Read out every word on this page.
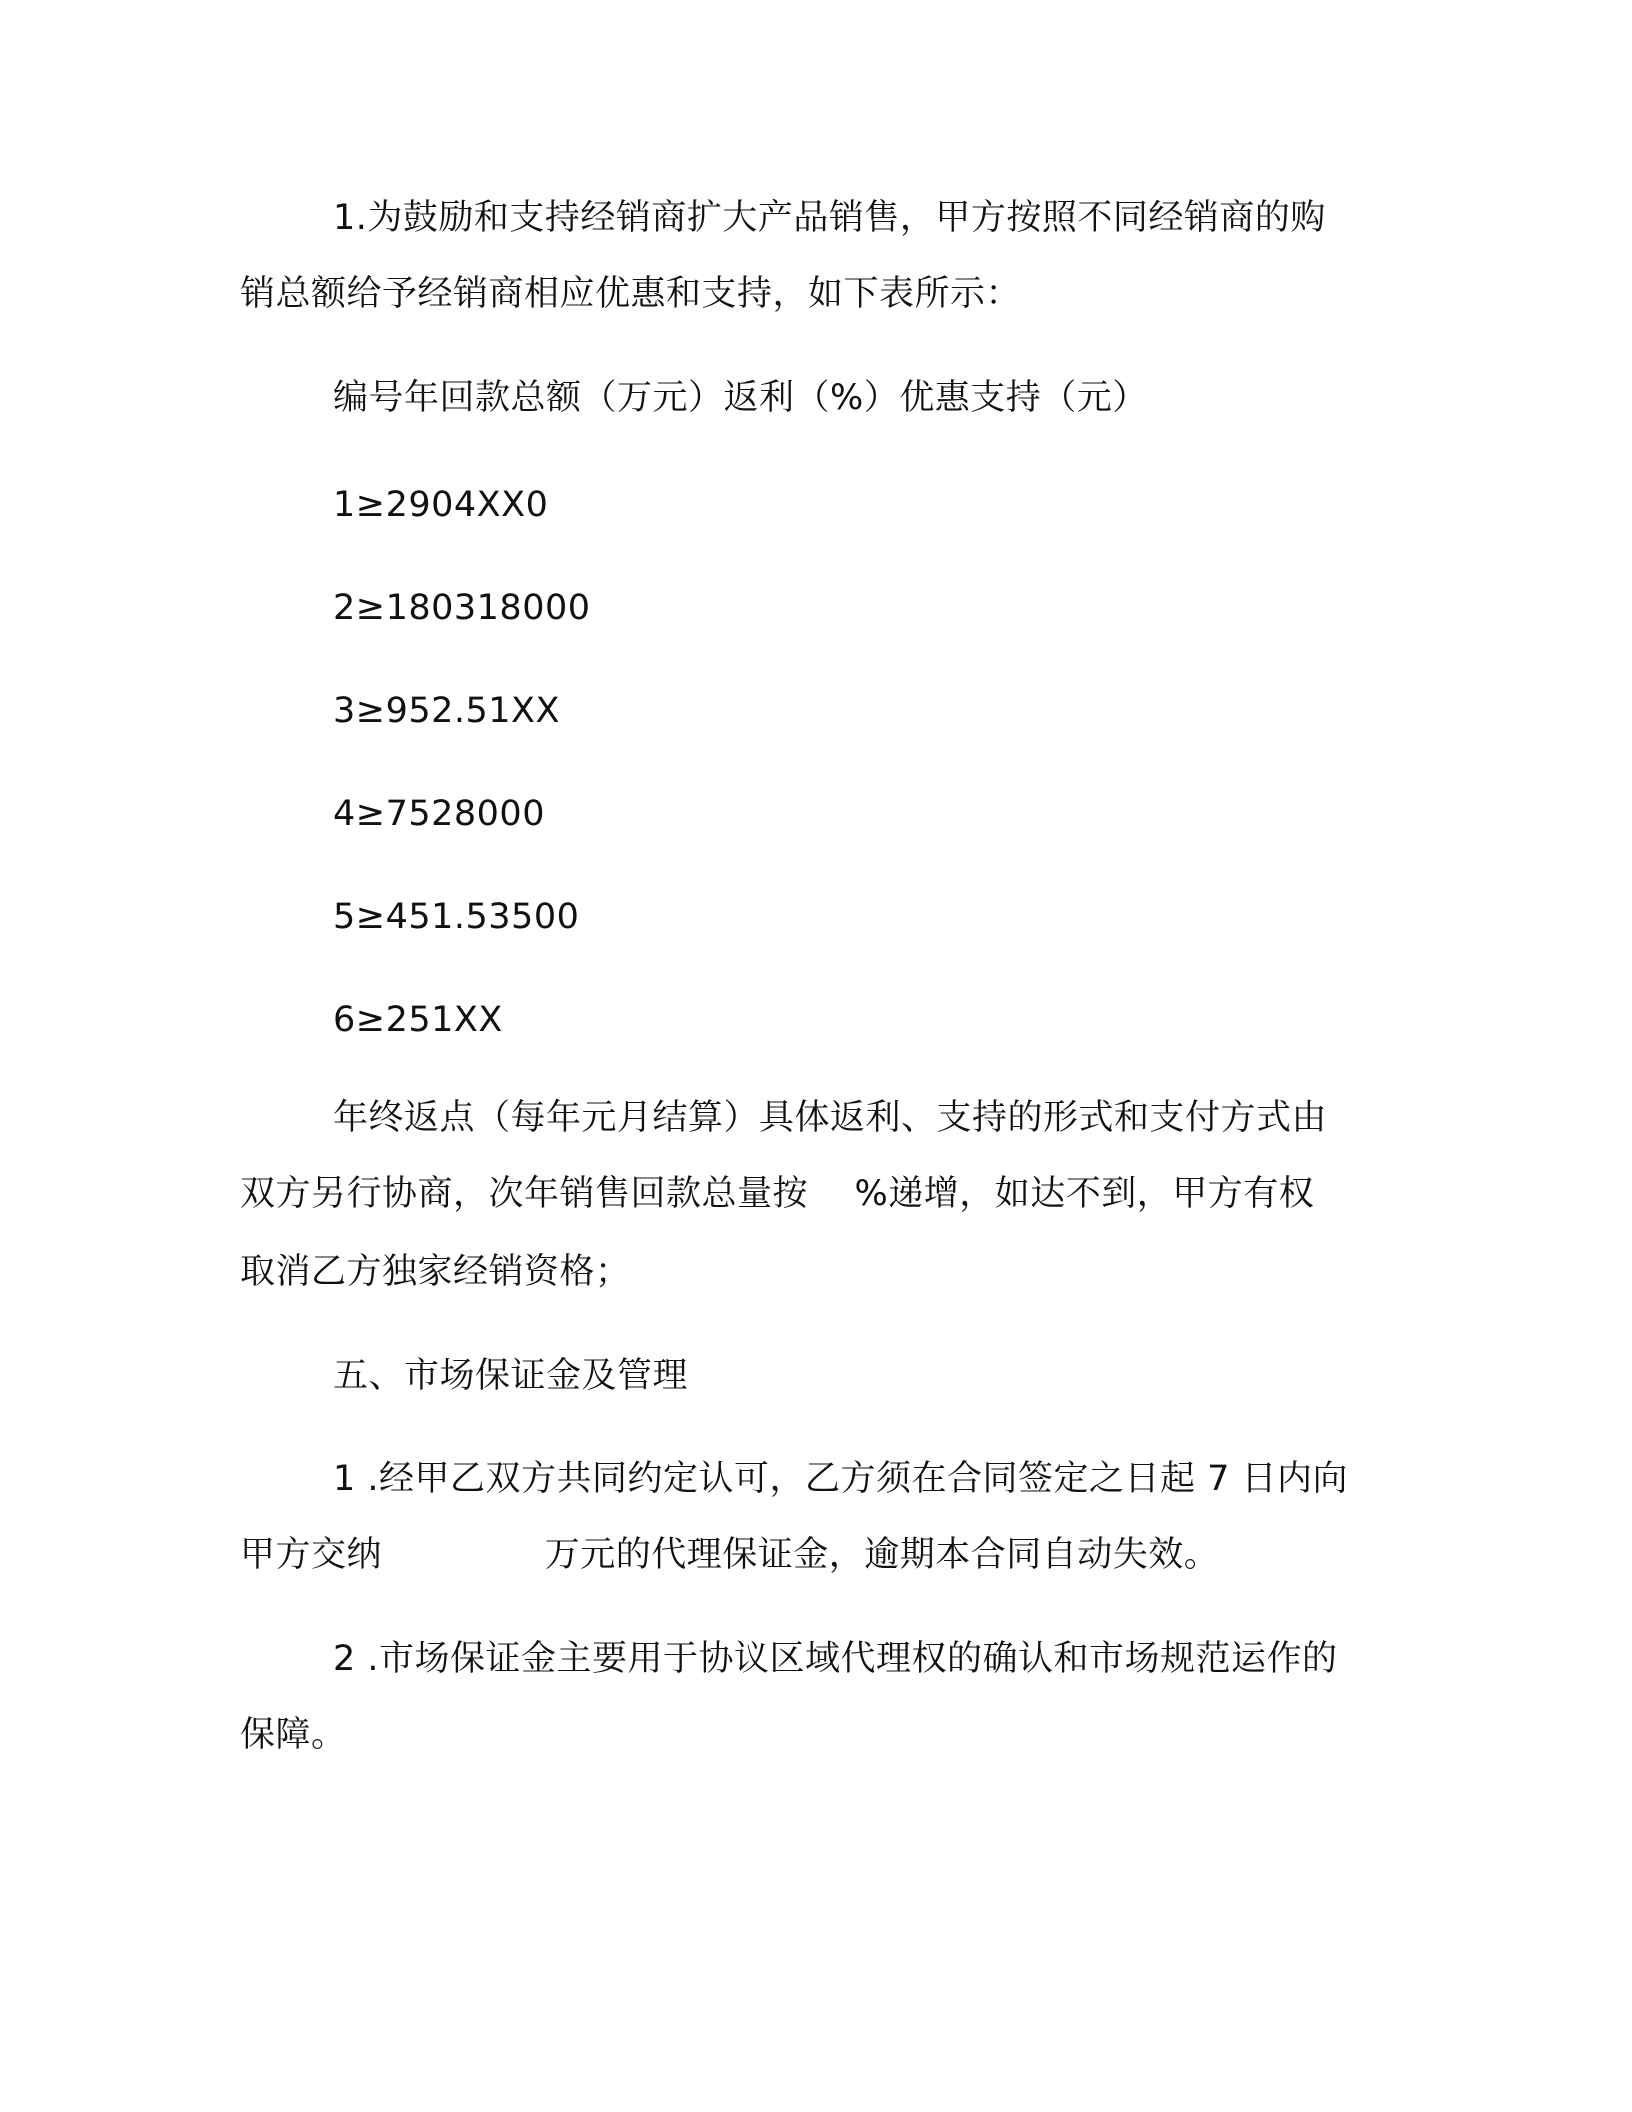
1.为鼓励和支持经销商扩大产品销售，甲方按照不同经销商的购
销总额给予经销商相应优惠和支持，如下表所示：
编号年回款总额（万元）返利（%）优惠支持（元）
1≥2904XX0
2≥180318000
3≥952.51XX
4≥7528000
5≥451.53500
6≥251XX
年终返点（每年元月结算）具体返利、支持的形式和支付方式由
双方另行协商，次年销售回款总量按    %递增，如达不到，甲方有权
取消乙方独家经销资格；
五、市场保证金及管理
1 .经甲乙双方共同约定认可，乙方须在合同签定之日起 7 日内向
甲方交纳              万元的代理保证金，逾期本合同自动失效。
2 .市场保证金主要用于协议区域代理权的确认和市场规范运作的
保障。
